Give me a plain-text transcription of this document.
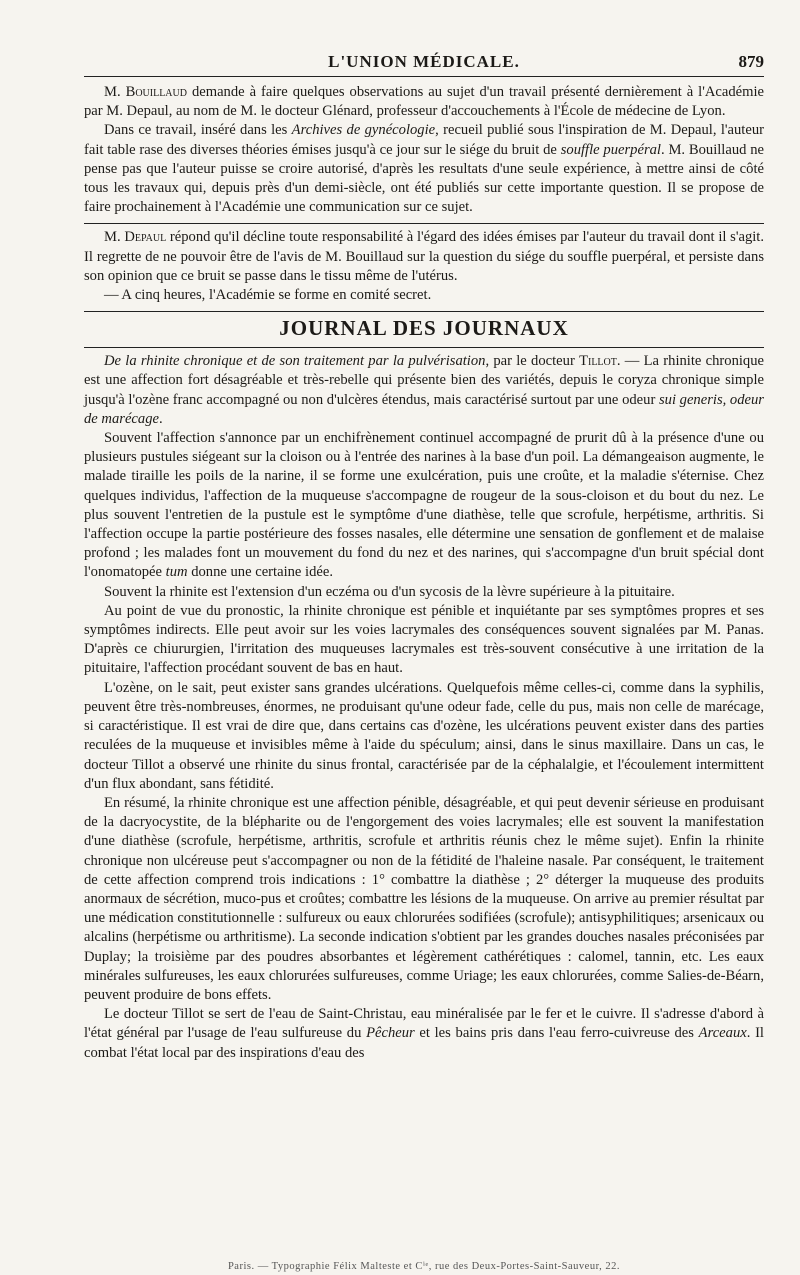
L'UNION MÉDICALE.	879

M. Bouillaud demande à faire quelques observations au sujet d'un travail présenté dernièrement à l'Académie par M. Depaul, au nom de M. le docteur Glénard, professeur d'accouchements à l'École de médecine de Lyon.

Dans ce travail, inséré dans les Archives de gynécologie, recueil publié sous l'inspiration de M. Depaul, l'auteur fait table rase des diverses théories émises jusqu'à ce jour sur le siége du bruit de souffle puerpéral. M. Bouillaud ne pense pas que l'auteur puisse se croire autorisé, d'après les resultats d'une seule expérience, à mettre ainsi de côté tous les travaux qui, depuis près d'un demi-siècle, ont été publiés sur cette importante question. Il se propose de faire prochainement à l'Académie une communication sur ce sujet.

M. Depaul répond qu'il décline toute responsabilité à l'égard des idées émises par l'auteur du travail dont il s'agit. Il regrette de ne pouvoir être de l'avis de M. Bouillaud sur la question du siége du souffle puerpéral, et persiste dans son opinion que ce bruit se passe dans le tissu même de l'utérus.

— A cinq heures, l'Académie se forme en comité secret.

JOURNAL DES JOURNAUX

De la rhinite chronique et de son traitement par la pulvérisation, par le docteur Tillot. — La rhinite chronique est une affection fort désagréable et très-rebelle qui présente bien des variétés, depuis le coryza chronique simple jusqu'à l'ozène franc accompagné ou non d'ulcères étendus, mais caractérisé surtout par une odeur sui generis, odeur de marécage.

Souvent l'affection s'annonce par un enchifrènement continuel accompagné de prurit dû à la présence d'une ou plusieurs pustules siégeant sur la cloison ou à l'entrée des narines à la base d'un poil. La démangeaison augmente, le malade tiraille les poils de la narine, il se forme une exulcération, puis une croûte, et la maladie s'éternise. Chez quelques individus, l'affection de la muqueuse s'accompagne de rougeur de la sous-cloison et du bout du nez. Le plus souvent l'entretien de la pustule est le symptôme d'une diathèse, telle que scrofule, herpétisme, arthritis. Si l'affection occupe la partie postérieure des fosses nasales, elle détermine une sensation de gonflement et de malaise profond ; les malades font un mouvement du fond du nez et des narines, qui s'accompagne d'un bruit spécial dont l'onomatopée tum donne une certaine idée.

Souvent la rhinite est l'extension d'un eczéma ou d'un sycosis de la lèvre supérieure à la pituitaire.

Au point de vue du pronostic, la rhinite chronique est pénible et inquiétante par ses symptômes propres et ses symptômes indirects. Elle peut avoir sur les voies lacrymales des conséquences souvent signalées par M. Panas. D'après ce chiururgien, l'irritation des muqueuses lacrymales est très-souvent consécutive à une irritation de la pituitaire, l'affection procédant souvent de bas en haut.

L'ozène, on le sait, peut exister sans grandes ulcérations. Quelquefois même celles-ci, comme dans la syphilis, peuvent être très-nombreuses, énormes, ne produisant qu'une odeur fade, celle du pus, mais non celle de marécage, si caractéristique. Il est vrai de dire que, dans certains cas d'ozène, les ulcérations peuvent exister dans des parties reculées de la muqueuse et invisibles même à l'aide du spéculum; ainsi, dans le sinus maxillaire. Dans un cas, le docteur Tillot a observé une rhinite du sinus frontal, caractérisée par de la céphalalgie, et l'écoulement intermittent d'un flux abondant, sans fétidité.

En résumé, la rhinite chronique est une affection pénible, désagréable, et qui peut devenir sérieuse en produisant de la dacryocystite, de la blépharite ou de l'engorgement des voies lacrymales; elle est souvent la manifestation d'une diathèse (scrofule, herpétisme, arthritis, scrofule et arthritis réunis chez le même sujet). Enfin la rhinite chronique non ulcéreuse peut s'accompagner ou non de la fétidité de l'haleine nasale. Par conséquent, le traitement de cette affection comprend trois indications : 1° combattre la diathèse ; 2° déterger la muqueuse des produits anormaux de sécrétion, muco-pus et croûtes; combattre les lésions de la muqueuse. On arrive au premier résultat par une médication constitutionnelle : sulfureux ou eaux chlorurées sodifiées (scrofule); antisyphilitiques; arsenicaux ou alcalins (herpétisme ou arthritisme). La seconde indication s'obtient par les grandes douches nasales préconisées par Duplay; la troisième par des poudres absorbantes et légèrement cathérétiques : calomel, tannin, etc. Les eaux minérales sulfureuses, les eaux chlorurées sulfureuses, comme Uriage; les eaux chlorurées, comme Salies-de-Béarn, peuvent produire de bons effets.

Le docteur Tillot se sert de l'eau de Saint-Christau, eau minéralisée par le fer et le cuivre. Il s'adresse d'abord à l'état général par l'usage de l'eau sulfureuse du Pêcheur et les bains pris dans l'eau ferro-cuivreuse des Arceaux. Il combat l'état local par des inspirations d'eau des

Paris. — Typographie Félix Malteste et Cⁱᵉ, rue des Deux-Portes-Saint-Sauveur, 22.
